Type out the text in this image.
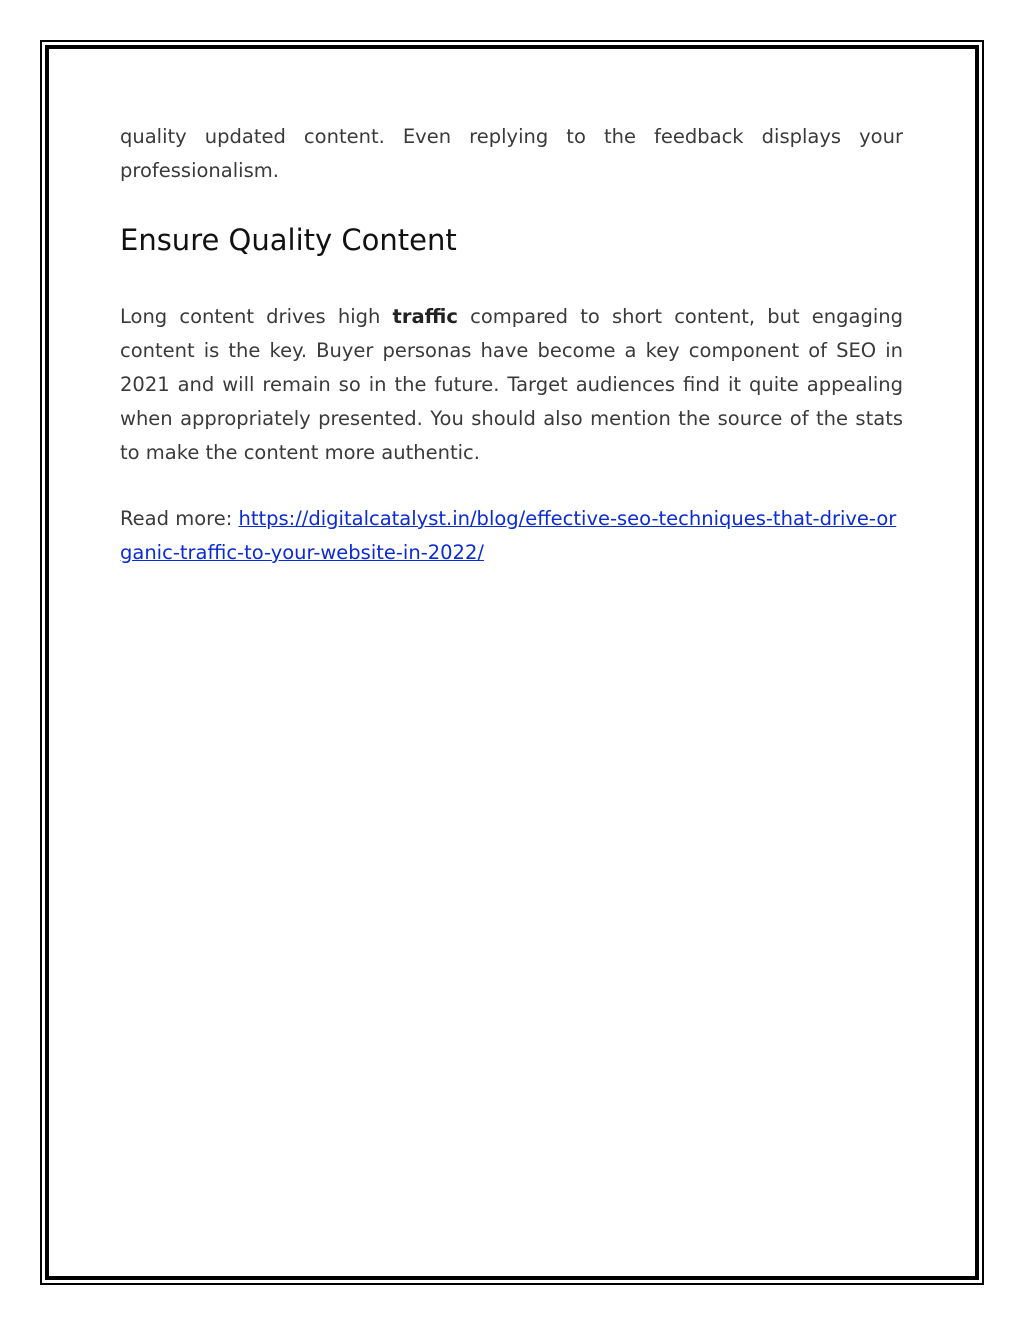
quality updated content. Even replying to the feedback displays your professionalism.

Ensure Quality Content

Long content drives high traffic compared to short content, but engaging content is the key. Buyer personas have become a key component of SEO in 2021 and will remain so in the future. Target audiences find it quite appealing when appropriately presented. You should also mention the source of the stats to make the content more authentic.

Read more: https://digitalcatalyst.in/blog/effective-seo-techniques-that-drive-organic-traffic-to-your-website-in-2022/
